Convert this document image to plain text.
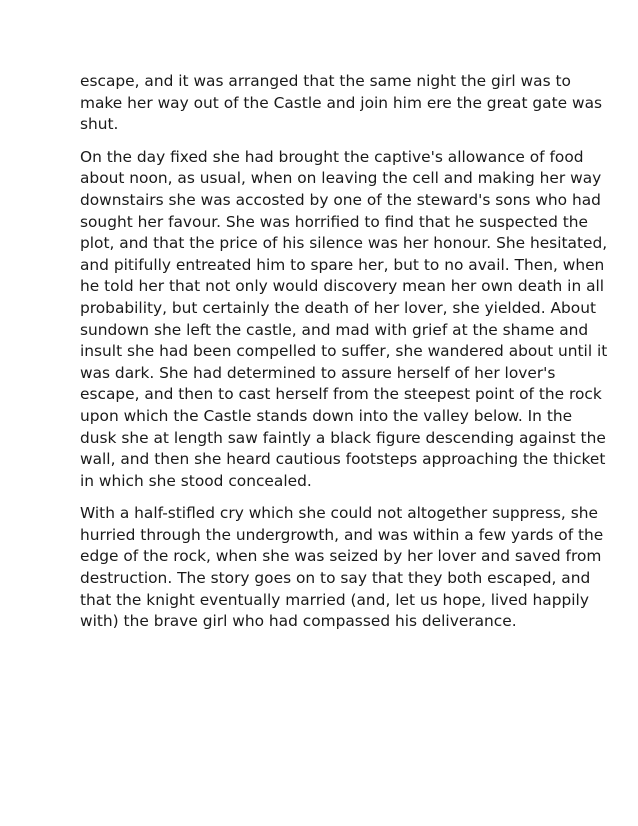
escape, and it was arranged that the same night the girl was to
make her way out of the Castle and join him ere the great gate was
shut.

On the day fixed she had brought the captive's allowance of food
about noon, as usual, when on leaving the cell and making her way
downstairs she was accosted by one of the steward's sons who had
sought her favour. She was horrified to find that he suspected the
plot, and that the price of his silence was her honour. She hesitated,
and pitifully entreated him to spare her, but to no avail. Then, when
he told her that not only would discovery mean her own death in all
probability, but certainly the death of her lover, she yielded. About
sundown she left the castle, and mad with grief at the shame and
insult she had been compelled to suffer, she wandered about until it
was dark. She had determined to assure herself of her lover's
escape, and then to cast herself from the steepest point of the rock
upon which the Castle stands down into the valley below. In the
dusk she at length saw faintly a black figure descending against the
wall, and then she heard cautious footsteps approaching the thicket
in which she stood concealed.

With a half-stifled cry which she could not altogether suppress, she
hurried through the undergrowth, and was within a few yards of the
edge of the rock, when she was seized by her lover and saved from
destruction. The story goes on to say that they both escaped, and
that the knight eventually married (and, let us hope, lived happily
with) the brave girl who had compassed his deliverance.
